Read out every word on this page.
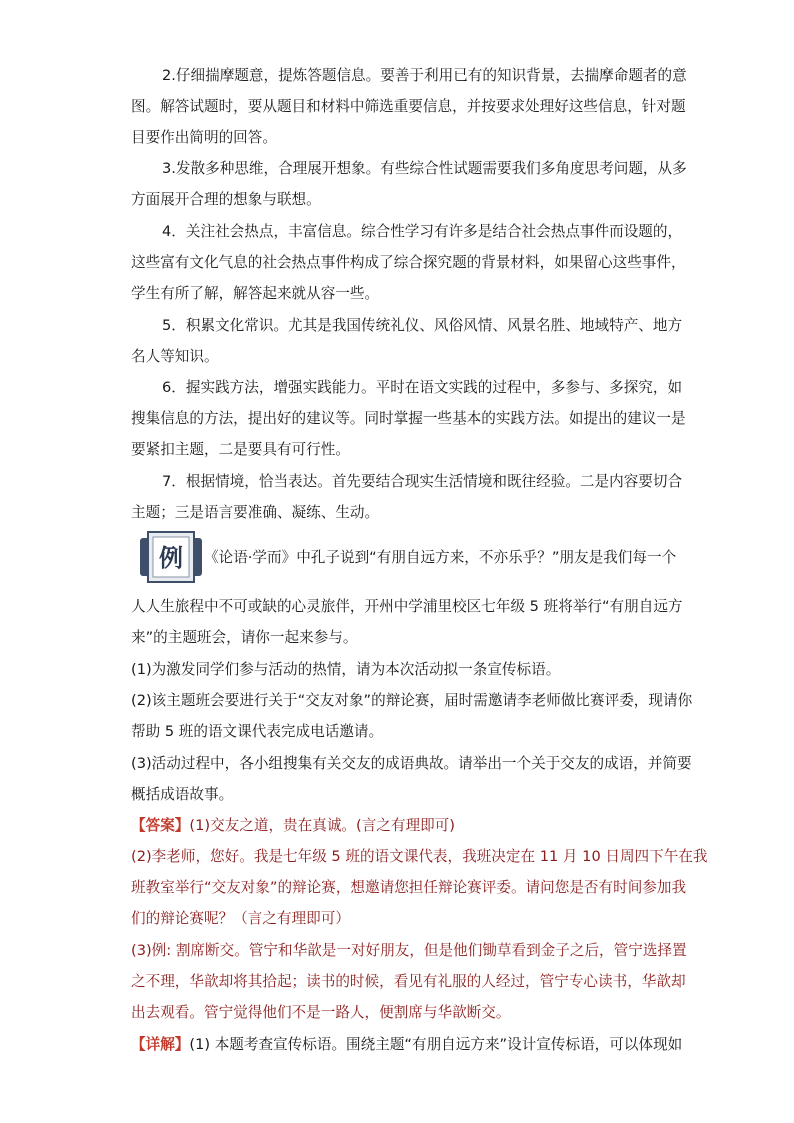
2.仔细揣摩题意，提炼答题信息。要善于利用已有的知识背景，去揣摩命题者的意
图。解答试题时，要从题目和材料中筛选重要信息，并按要求处理好这些信息，针对题
目要作出简明的回答。
3.发散多种思维，合理展开想象。有些综合性试题需要我们多角度思考问题，从多
方面展开合理的想象与联想。
4．关注社会热点，丰富信息。综合性学习有许多是结合社会热点事件而设题的，
这些富有文化气息的社会热点事件构成了综合探究题的背景材料，如果留心这些事件，
学生有所了解，解答起来就从容一些。
5．积累文化常识。尤其是我国传统礼仪、风俗风情、风景名胜、地域特产、地方
名人等知识。
6．握实践方法，增强实践能力。平时在语文实践的过程中，多参与、多探究，如
搜集信息的方法，提出好的建议等。同时掌握一些基本的实践方法。如提出的建议一是
要紧扣主题，二是要具有可行性。
7．根据情境，恰当表达。首先要结合现实生活情境和既往经验。二是内容要切合
主题；三是语言要准确、凝练、生动。
例 《论语·学而》中孔子说到“有朋自远方来，不亦乐乎？”朋友是我们每一个
人人生旅程中不可或缺的心灵旅伴，开州中学浦里校区七年级 5 班将举行“有朋自远方
来”的主题班会，请你一起来参与。
(1)为激发同学们参与活动的热情，请为本次活动拟一条宣传标语。
(2)该主题班会要进行关于“交友对象”的辩论赛，届时需邀请李老师做比赛评委，现请你
帮助 5 班的语文课代表完成电话邀请。
(3)活动过程中，各小组搜集有关交友的成语典故。请举出一个关于交友的成语，并简要
概括成语故事。
【答案】(1)交友之道，贵在真诚。(言之有理即可)
(2)李老师，您好。我是七年级 5 班的语文课代表，我班决定在 11 月 10 日周四下午在我
班教室举行“交友对象”的辩论赛，想邀请您担任辩论赛评委。请问您是否有时间参加我
们的辩论赛呢？（言之有理即可）
(3)例: 割席断交。管宁和华歆是一对好朋友，但是他们锄草看到金子之后，管宁选择置
之不理，华歆却将其拾起；读书的时候，看见有礼服的人经过，管宁专心读书，华歆却
出去观看。管宁觉得他们不是一路人，便割席与华歆断交。
【详解】(1) 本题考查宣传标语。围绕主题“有朋自远方来”设计宣传标语，可以体现如
